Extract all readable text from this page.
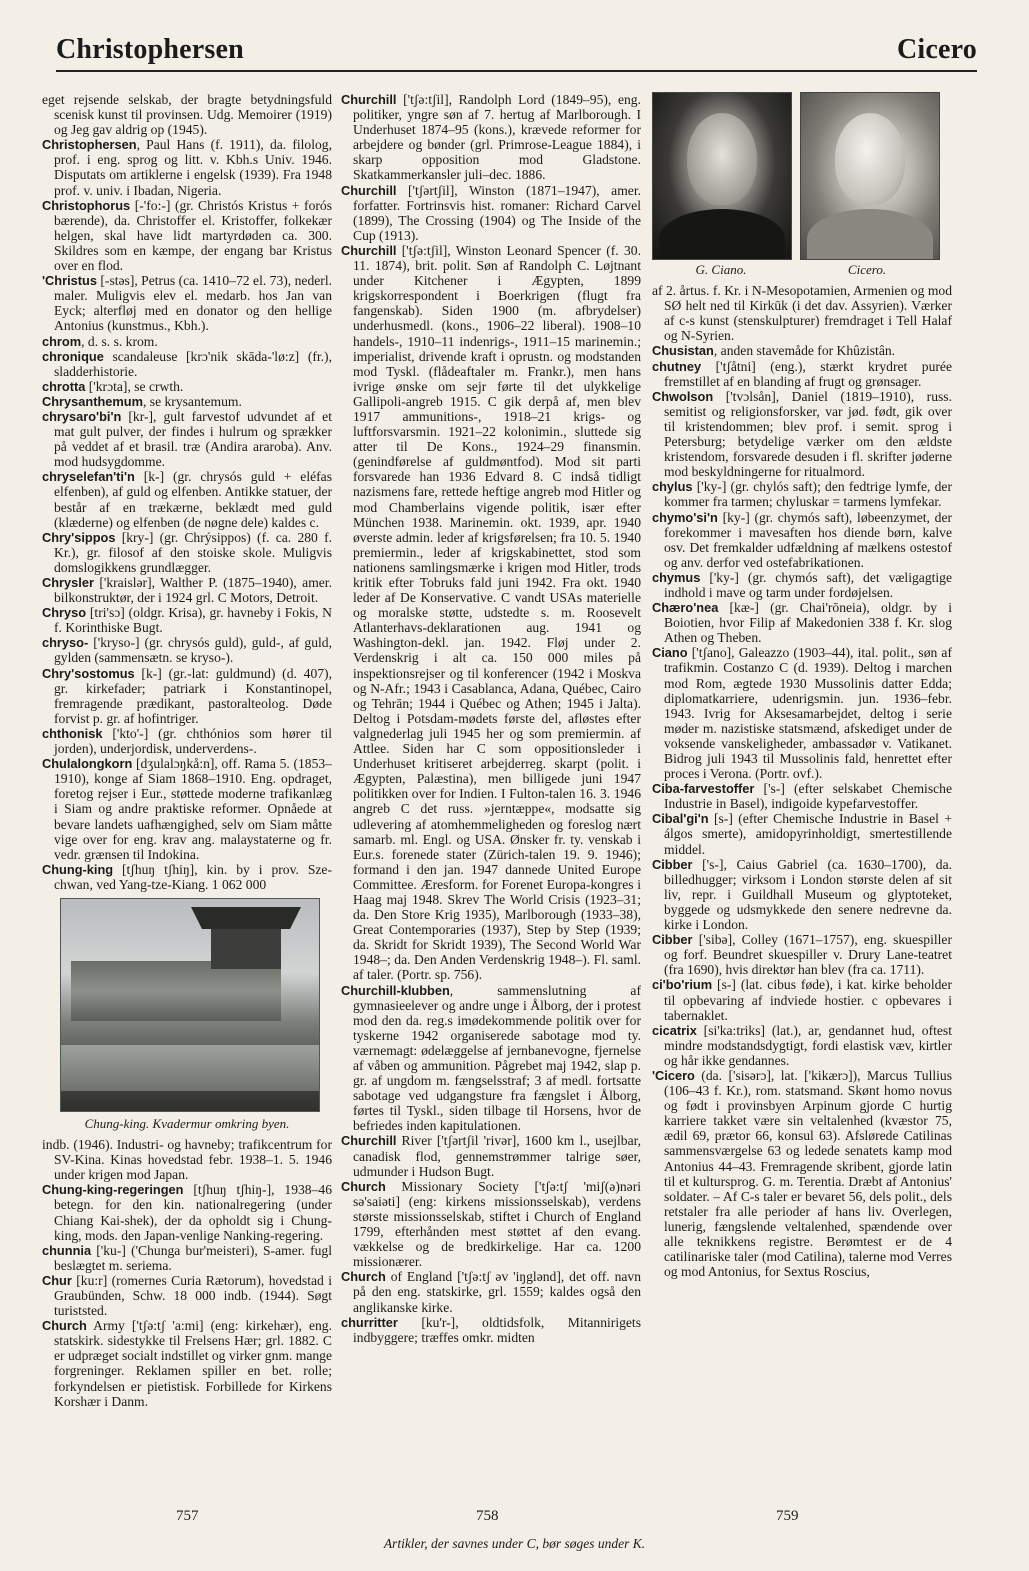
Christophersen	Cicero

eget rejsende selskab, der bragte betydningsfuld scenisk kunst til provinsen. Udg. Memoirer (1919) og Jeg gav aldrig op (1945).

Christophersen, Paul Hans (f. 1911), da. filolog, prof. i eng. sprog og litt. v. Kbh.s Univ. 1946. Disputats om artiklerne i engelsk (1939). Fra 1948 prof. v. univ. i Ibadan, Nigeria.

Christophorus [-'fo:-] (gr. Christós Kristus + forós bærende), da. Christoffer el. Kristoffer, folkekær helgen, skal have lidt martyrdøden ca. 300. Skildres som en kæmpe, der engang bar Kristus over en flod.

'Christus [-stəs], Petrus (ca. 1410–72 el. 73), nederl. maler. Muligvis elev el. medarb. hos Jan van Eyck; alterfløj med en donator og den hellige Antonius (kunstmus., Kbh.).

chrom, d. s. s. krom.

chronique scandaleuse [krɔ'nik skāda-'lø:z] (fr.), sladderhistorie.

chrotta ['krɔta], se crwth.

Chrysanthemum, se krysantemum.

chrysaro'bi'n [kr-], gult farvestof udvundet af et mat gult pulver, der findes i hulrum og sprækker på veddet af et brasil. træ (Andira araroba). Anv. mod hudsygdomme.

chryselefan'ti'n [k-] (gr. chrysós guld + eléfas elfenben), af guld og elfenben. Antikke statuer, der består af en trækærne, beklædt med guld (klæderne) og elfenben (de nøgne dele) kaldes c.

Chry'sippos [kry-] (gr. Chrýsippos) (f. ca. 280 f. Kr.), gr. filosof af den stoiske skole. Muligvis domslogikkens grundlægger.

Chrysler ['kraislər], Walther P. (1875–1940), amer. bilkonstruktør, der i 1924 grl. C Motors, Detroit.

Chryso [tri'sɔ] (oldgr. Krisa), gr. havneby i Fokis, N f. Korinthiske Bugt.

chryso- ['kryso-] (gr. chrysós guld), guld-, af guld, gylden (sammensætn. se kryso-).

Chry'sostomus [k-] (gr.-lat: guldmund) (d. 407), gr. kirkefader; patriark i Konstantinopel, fremragende prædikant, pastoralteolog. Døde forvist p. gr. af hofintriger.

chthonisk ['kto'-] (gr. chthónios som hører til jorden), underjordisk, underverdens-.

Chulalongkorn [dʒulalɔŋkå:n], off. Rama 5. (1853–1910), konge af Siam 1868–1910. Eng. opdraget, foretog rejser i Eur., støttede moderne trafikanlæg i Siam og andre praktiske reformer. Opnåede at bevare landets uafhængighed, selv om Siam måtte vige over for eng. krav ang. malaystaterne og fr. vedr. grænsen til Indokina.

Chung-king [tʃhuŋ tʃhiŋ], kin. by i prov. Sze-chwan, ved Yang-tze-Kiang. 1 062 000

Chung-king. Kvadermur omkring byen.

indb. (1946). Industri- og havneby; trafikcentrum for SV-Kina. Kinas hovedstad febr. 1938–1. 5. 1946 under krigen mod Japan.

Chung-king-regeringen [tʃhuŋ tʃhiŋ-], 1938–46 betegn. for den kin. nationalregering (under Chiang Kai-shek), der da opholdt sig i Chung-king, mods. den Japan-venlige Nanking-regering.

chunnia ['ku-] ('Chunga bur'meisteri), S-amer. fugl beslægtet m. seriema.

Chur [ku:r] (romernes Curia Rætorum), hovedstad i Graubünden, Schw. 18 000 indb. (1944). Søgt turiststed.

Church Army ['tʃə:tʃ 'a:mi] (eng: kirkehær), eng. statskirk. sidestykke til Frelsens Hær; grl. 1882. C er udpræget socialt indstillet og virker gnm. mange forgreninger. Reklamen spiller en bet. rolle; forkyndelsen er pietistisk. Forbillede for Kirkens Korshær i Danm.

Churchill ['tʃə:tʃil], Randolph Lord (1849–95), eng. politiker, yngre søn af 7. hertug af Marlborough. I Underhuset 1874–95 (kons.), krævede reformer for arbejdere og bønder (grl. Primrose-League 1884), i skarp opposition mod Gladstone. Skatkammerkansler juli–dec. 1886.

Churchill ['tʃərtʃil], Winston (1871–1947), amer. forfatter. Fortrinsvis hist. romaner: Richard Carvel (1899), The Crossing (1904) og The Inside of the Cup (1913).

Churchill ['tʃə:tʃil], Winston Leonard Spencer (f. 30. 11. 1874), brit. polit. Søn af Randolph C. Løjtnant under Kitchener i Ægypten, 1899 krigskorrespondent i Boerkrigen (flugt fra fangenskab). Siden 1900 (m. afbrydelser) underhusmedl. (kons., 1906–22 liberal). 1908–10 handels-, 1910–11 indenrigs-, 1911–15 marinemin.; imperialist, drivende kraft i oprustn. og modstanden mod Tyskl. (flådeaftaler m. Frankr.), men hans ivrige ønske om sejr førte til det ulykkelige Gallipoli-angreb 1915. C gik derpå af, men blev 1917 ammunitions-, 1918–21 krigs- og luftforsvarsmin. 1921–22 kolonimin., sluttede sig atter til De Kons., 1924–29 finansmin. (genindførelse af guldmøntfod). Mod sit parti forsvarede han 1936 Edvard 8. C indså tidligt nazismens fare, rettede heftige angreb mod Hitler og mod Chamberlains vigende politik, især efter München 1938. Marinemin. okt. 1939, apr. 1940 øverste admin. leder af krigsførelsen; fra 10. 5. 1940 premiermin., leder af krigskabinettet, stod som nationens samlingsmærke i krigen mod Hitler, trods kritik efter Tobruks fald juni 1942. Fra okt. 1940 leder af De Konservative. C vandt USAs materielle og moralske støtte, udstedte s. m. Roosevelt Atlanterhavs-deklarationen aug. 1941 og Washington-dekl. jan. 1942. Fløj under 2. Verdenskrig i alt ca. 150 000 miles på inspektionsrejser og til konferencer (1942 i Moskva og N-Afr.; 1943 i Casablanca, Adana, Québec, Cairo og Tehrān; 1944 i Québec og Athen; 1945 i Jalta). Deltog i Potsdam-mødets første del, afløstes efter valgnederlag juli 1945 her og som premiermin. af Attlee. Siden har C som oppositionsleder i Underhuset kritiseret arbejderreg. skarpt (polit. i Ægypten, Palæstina), men billigede juni 1947 politikken over for Indien. I Fulton-talen 16. 3. 1946 angreb C det russ. »jerntæppe«, modsatte sig udlevering af atomhemmeligheden og foreslog nært samarb. ml. Engl. og USA. Ønsker fr. ty. venskab i Eur.s. forenede stater (Zürich-talen 19. 9. 1946); formand i den jan. 1947 dannede United Europe Committee. Æresform. for Forenet Europa-kongres i Haag maj 1948. Skrev The World Crisis (1923–31; da. Den Store Krig 1935), Marlborough (1933–38), Great Contemporaries (1937), Step by Step (1939; da. Skridt for Skridt 1939), The Second World War 1948–; da. Den Anden Verdenskrig 1948–). Fl. saml. af taler. (Portr. sp. 756).

Churchill-klubben, sammenslutning af gymnasieelever og andre unge i Ålborg, der i protest mod den da. reg.s imødekommende politik over for tyskerne 1942 organiserede sabotage mod ty. værnemagt: ødelæggelse af jernbanevogne, fjernelse af våben og ammunition. Pågrebet maj 1942, slap p. gr. af ungdom m. fængselsstraf; 3 af medl. fortsatte sabotage ved udgangsture fra fængslet i Ålborg, førtes til Tyskl., siden tilbage til Horsens, hvor de befriedes inden kapitulationen.

Churchill River ['tʃərtʃil 'rivər], 1600 km l., usejlbar, canadisk flod, gennemstrømmer talrige søer, udmunder i Hudson Bugt.

Church Missionary Society ['tʃə:tʃ 'miʃ(ə)nəri sə'saiəti] (eng: kirkens missionsselskab), verdens største missionsselskab, stiftet i Church of England 1799, efterhånden mest støttet af den evang. vækkelse og de bredkirkelige. Har ca. 1200 missionærer.

Church of England ['tʃə:tʃ əv 'iŋglənd], det off. navn på den eng. statskirke, grl. 1559; kaldes også den anglikanske kirke.

churritter [ku'r-], oldtidsfolk, Mitannirigets indbyggere; træffes omkr. midten

G. Ciano.	Cicero.

af 2. årtus. f. Kr. i N-Mesopotamien, Armenien og mod SØ helt ned til Kirkūk (i det dav. Assyrien). Værker af c-s kunst (stenskulpturer) fremdraget i Tell Halaf og N-Syrien.

Chusistan, anden stavemåde for Khûzistân.

chutney ['tʃåtni] (eng.), stærkt krydret purée fremstillet af en blanding af frugt og grønsager.

Chwolson ['tvɔlsån], Daniel (1819–1910), russ. semitist og religionsforsker, var jød. født, gik over til kristendommen; blev prof. i semit. sprog i Petersburg; betydelige værker om den ældste kristendom, forsvarede desuden i fl. skrifter jøderne mod beskyldningerne for ritualmord.

chylus ['ky-] (gr. chylós saft); den fedtrige lymfe, der kommer fra tarmen; chyluskar = tarmens lymfekar.

chymo'si'n [ky-] (gr. chymós saft), løbeenzymet, der forekommer i mavesaften hos diende børn, kalve osv. Det fremkalder udfældning af mælkens ostestof og anv. derfor ved ostefabrikationen.

chymus ['ky-] (gr. chymós saft), det væligagtige indhold i mave og tarm under fordøjelsen.

Chæro'nea [kæ-] (gr. Chai'rōneia), oldgr. by i Boiotien, hvor Filip af Makedonien 338 f. Kr. slog Athen og Theben.

Ciano ['tʃano], Galeazzo (1903–44), ital. polit., søn af trafikmin. Costanzo C (d. 1939). Deltog i marchen mod Rom, ægtede 1930 Mussolinis datter Edda; diplomatkarriere, udenrigsmin. jun. 1936–febr. 1943. Ivrig for Aksesamarbejdet, deltog i serie møder m. nazistiske statsmænd, afskediget under de voksende vanskeligheder, ambassadør v. Vatikanet. Bidrog juli 1943 til Mussolinis fald, henrettet efter proces i Verona. (Portr. ovf.).

Ciba-farvestoffer ['s-] (efter selskabet Chemische Industrie in Basel), indigoide kypefarvestoffer.

Cibal'gi'n [s-] (efter Chemische Industrie in Basel + álgos smerte), amidopyrinholdigt, smertestillende middel.

Cibber ['s-], Caius Gabriel (ca. 1630–1700), da. billedhugger; virksom i London største delen af sit liv, repr. i Guildhall Museum og glyptoteket, byggede og udsmykkede den senere nedrevne da. kirke i London.

Cibber ['sibə], Colley (1671–1757), eng. skuespiller og forf. Beundret skuespiller v. Drury Lane-teatret (fra 1690), hvis direktør han blev (fra ca. 1711).

ci'bo'rium [s-] (lat. cibus føde), i kat. kirke beholder til opbevaring af indviede hostier. c opbevares i tabernaklet.

cicatrix [si'ka:triks] (lat.), ar, gendannet hud, oftest mindre modstandsdygtigt, fordi elastisk væv, kirtler og hår ikke gendannes.

'Cicero (da. ['sisərɔ], lat. ['kikærɔ]), Marcus Tullius (106–43 f. Kr.), rom. statsmand. Skønt homo novus og født i provinsbyen Arpinum gjorde C hurtig karriere takket være sin veltalenhed (kvæstor 75, ædil 69, prætor 66, konsul 63). Afslørede Catilinas sammensværgelse 63 og ledede senatets kamp mod Antonius 44–43. Fremragende skribent, gjorde latin til et kultursprog. G. m. Terentia. Dræbt af Antonius' soldater. – Af C-s taler er bevaret 56, dels polit., dels retstaler fra alle perioder af hans liv. Overlegen, lunerig, fængslende veltalenhed, spændende over alle teknikkens registre. Berømtest er de 4 catilinariske taler (mod Catilina), talerne mod Verres og mod Antonius, for Sextus Roscius,

757	758	759
Artikler, der savnes under C, bør søges under K.
